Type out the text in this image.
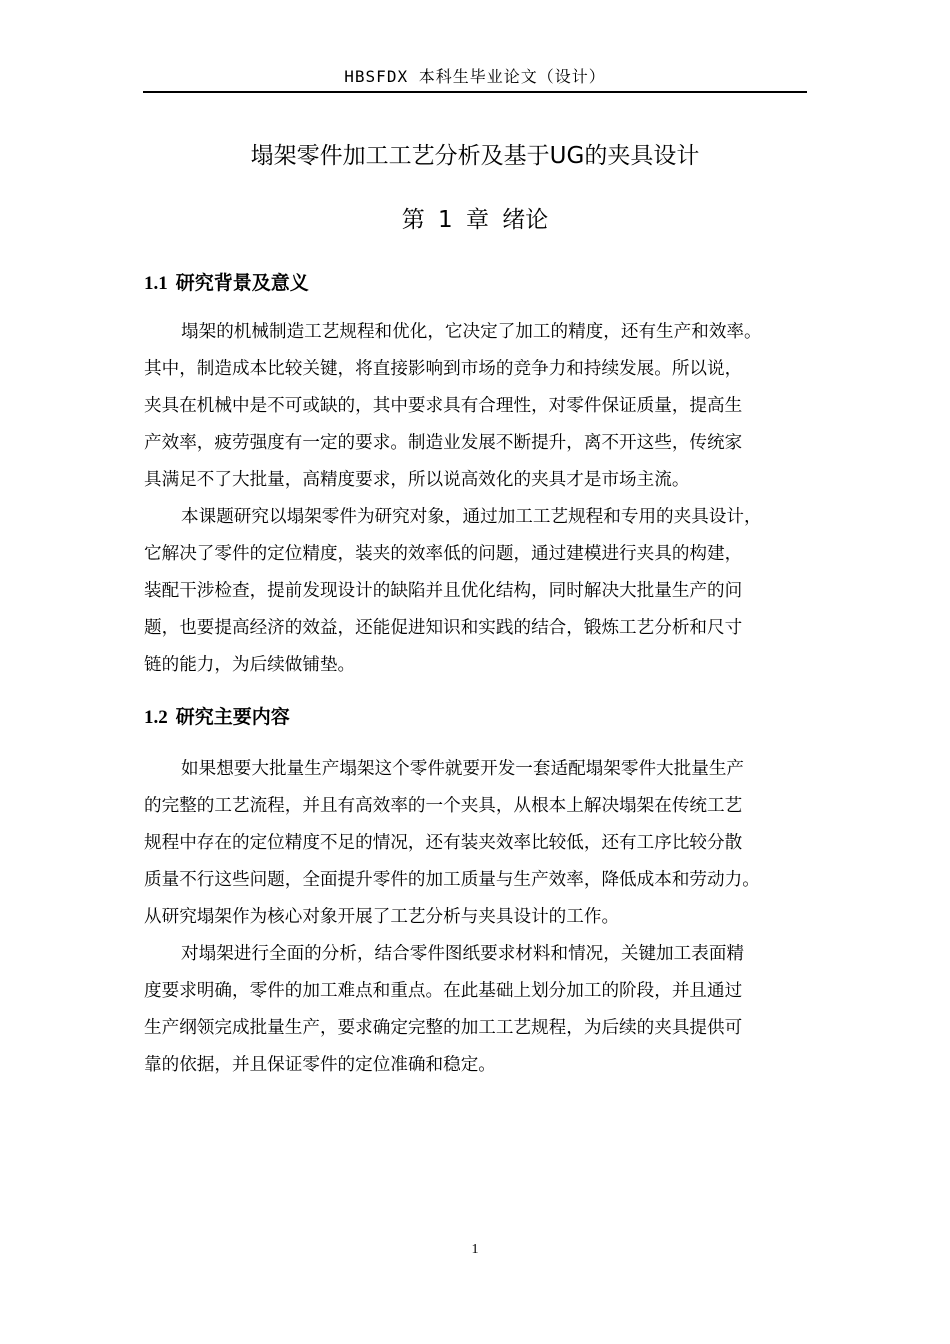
HBSFDX 本科生毕业论文（设计）
塌架零件加工工艺分析及基于UG的夹具设计
第 1 章 绪论
1.1 研究背景及意义
塌架的机械制造工艺规程和优化，它决定了加工的精度，还有生产和效率。
其中，制造成本比较关键，将直接影响到市场的竞争力和持续发展。所以说，
夹具在机械中是不可或缺的，其中要求具有合理性，对零件保证质量，提高生
产效率，疲劳强度有一定的要求。制造业发展不断提升，离不开这些，传统家
具满足不了大批量，高精度要求，所以说高效化的夹具才是市场主流。
本课题研究以塌架零件为研究对象，通过加工工艺规程和专用的夹具设计，
它解决了零件的定位精度，装夹的效率低的问题，通过建模进行夹具的构建，
装配干涉检查，提前发现设计的缺陷并且优化结构，同时解决大批量生产的问
题，也要提高经济的效益，还能促进知识和实践的结合，锻炼工艺分析和尺寸
链的能力，为后续做铺垫。
1.2 研究主要内容
如果想要大批量生产塌架这个零件就要开发一套适配塌架零件大批量生产
的完整的工艺流程，并且有高效率的一个夹具，从根本上解决塌架在传统工艺
规程中存在的定位精度不足的情况，还有装夹效率比较低，还有工序比较分散
质量不行这些问题，全面提升零件的加工质量与生产效率，降低成本和劳动力。
从研究塌架作为核心对象开展了工艺分析与夹具设计的工作。
对塌架进行全面的分析，结合零件图纸要求材料和情况，关键加工表面精
度要求明确，零件的加工难点和重点。在此基础上划分加工的阶段，并且通过
生产纲领完成批量生产，要求确定完整的加工工艺规程，为后续的夹具提供可
靠的依据，并且保证零件的定位准确和稳定。
1
